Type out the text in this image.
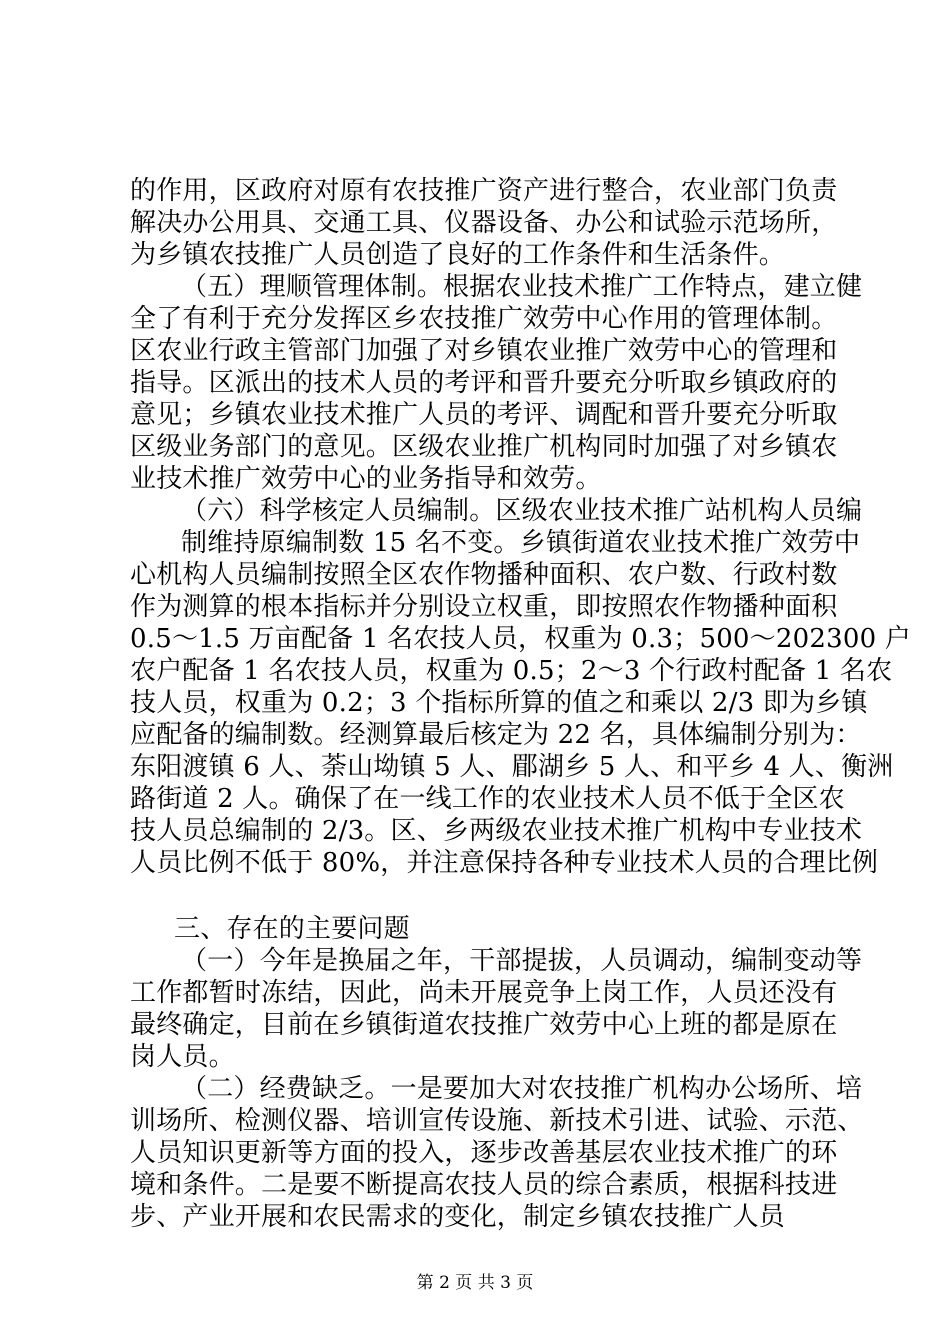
的作用，区政府对原有农技推广资产进行整合，农业部门负责
解决办公用具、交通工具、仪器设备、办公和试验示范场所，
为乡镇农技推广人员创造了良好的工作条件和生活条件。
（五）理顺管理体制。根据农业技术推广工作特点，建立健
全了有利于充分发挥区乡农技推广效劳中心作用的管理体制。
区农业行政主管部门加强了对乡镇农业推广效劳中心的管理和
指导。区派出的技术人员的考评和晋升要充分听取乡镇政府的
意见；乡镇农业技术推广人员的考评、调配和晋升要充分听取
区级业务部门的意见。区级农业推广机构同时加强了对乡镇农
业技术推广效劳中心的业务指导和效劳。
（六）科学核定人员编制。区级农业技术推广站机构人员编
制维持原编制数 15 名不变。乡镇街道农业技术推广效劳中
心机构人员编制按照全区农作物播种面积、农户数、行政村数
作为测算的根本指标并分别设立权重，即按照农作物播种面积
0.5～1.5 万亩配备 1 名农技人员，权重为 0.3；500～202300 户
农户配备 1 名农技人员，权重为 0.5；2～3 个行政村配备 1 名农
技人员，权重为 0.2；3 个指标所算的值之和乘以 2/3 即为乡镇
应配备的编制数。经测算最后核定为 22 名，具体编制分别为：
东阳渡镇 6 人、荼山坳镇 5 人、郿湖乡 5 人、和平乡 4 人、衡洲
路街道 2 人。确保了在一线工作的农业技术人员不低于全区农
技人员总编制的 2/3。区、乡两级农业技术推广机构中专业技术
人员比例不低于 80%，并注意保持各种专业技术人员的合理比例
三、存在的主要问题
（一）今年是换届之年，干部提拔，人员调动，编制变动等
工作都暂时冻结，因此，尚未开展竞争上岗工作，人员还没有
最终确定，目前在乡镇街道农技推广效劳中心上班的都是原在
岗人员。
（二）经费缺乏。一是要加大对农技推广机构办公场所、培
训场所、检测仪器、培训宣传设施、新技术引进、试验、示范、
人员知识更新等方面的投入，逐步改善基层农业技术推广的环
境和条件。二是要不断提高农技人员的综合素质，根据科技进
步、产业开展和农民需求的变化，制定乡镇农技推广人员
第 2 页 共 3 页
